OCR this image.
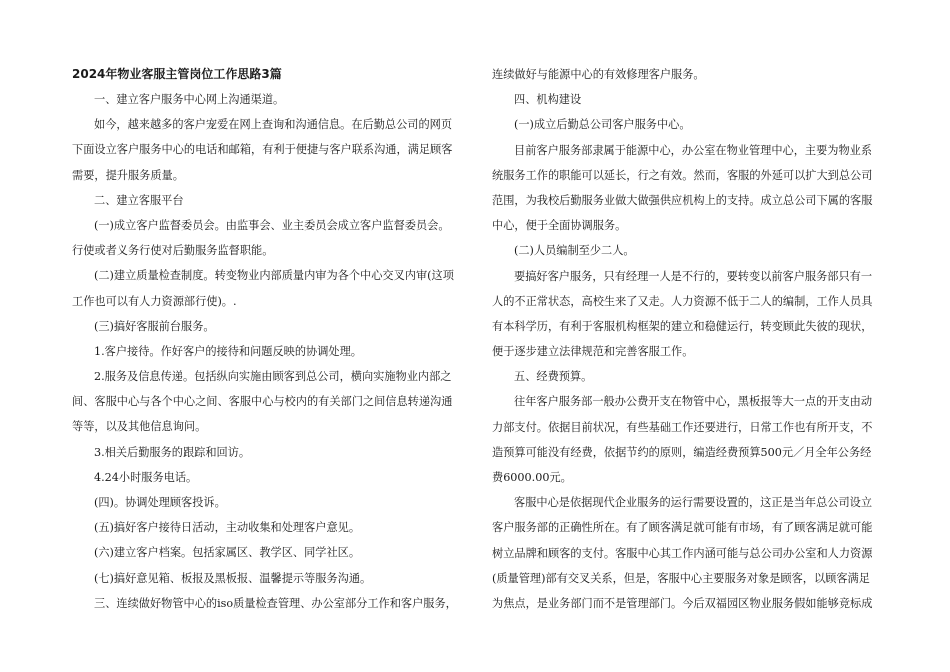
2024年物业客服主管岗位工作思路3篇
一、建立客户服务中心网上沟通渠道。
如今，越来越多的客户宠爱在网上查询和沟通信息。在后勤总公司的网页
下面设立客户服务中心的电话和邮箱，有利于便捷与客户联系沟通，满足顾客
需要，提升服务质量。
二、建立客服平台
(一)成立客户监督委员会。由监事会、业主委员会成立客户监督委员会。
行使或者义务行使对后勤服务监督职能。
(二)建立质量检查制度。转变物业内部质量内审为各个中心交叉内审(这项
工作也可以有人力资源部行使)。.
(三)搞好客服前台服务。
1.客户接待。作好客户的接待和问题反映的协调处理。
2.服务及信息传递。包括纵向实施由顾客到总公司，横向实施物业内部之
间、客服中心与各个中心之间、客服中心与校内的有关部门之间信息转递沟通
等等，以及其他信息询问。
3.相关后勤服务的跟踪和回访。
4.24小时服务电话。
(四)。协调处理顾客投诉。
(五)搞好客户接待日活动，主动收集和处理客户意见。
(六)建立客户档案。包括家属区、教学区、同学社区。
(七)搞好意见箱、板报及黑板报、温馨提示等服务沟通。
三、连续做好物管中心的iso质量检查管理、办公室部分工作和客户服务，
连续做好与能源中心的有效修理客户服务。
四、机构建设
(一)成立后勤总公司客户服务中心。
目前客户服务部隶属于能源中心，办公室在物业管理中心，主要为物业系
统服务工作的职能可以延长，行之有效。然而，客服的外延可以扩大到总公司
范围，为我校后勤服务业做大做强供应机构上的支持。成立总公司下属的客服
中心，便于全面协调服务。
(二)人员编制至少二人。
要搞好客户服务，只有经理一人是不行的，要转变以前客户服务部只有一
人的不正常状态，高校生来了又走。人力资源不低于二人的编制，工作人员具
有本科学历，有利于客服机构框架的建立和稳健运行，转变顾此失彼的现状，
便于逐步建立法律规范和完善客服工作。
五、经费预算。
往年客户服务部一般办公费开支在物管中心，黑板报等大一点的开支由动
力部支付。依据目前状况，有些基础工作还要进行，日常工作也有所开支，不
造预算可能没有经费，依据节约的原则，编造经费预算500元／月全年公务经
费6000.00元。
客服中心是依据现代企业服务的运行需要设置的，这正是当年总公司设立
客户服务部的正确性所在。有了顾客满足就可能有市场，有了顾客满足就可能
树立品牌和顾客的支付。客服中心其工作内涵可能与总公司办公室和人力资源
(质量管理)部有交叉关系，但是，客服中心主要服务对象是顾客，以顾客满足
为焦点，是业务部门而不是管理部门。今后双福园区物业服务假如能够竞标成
